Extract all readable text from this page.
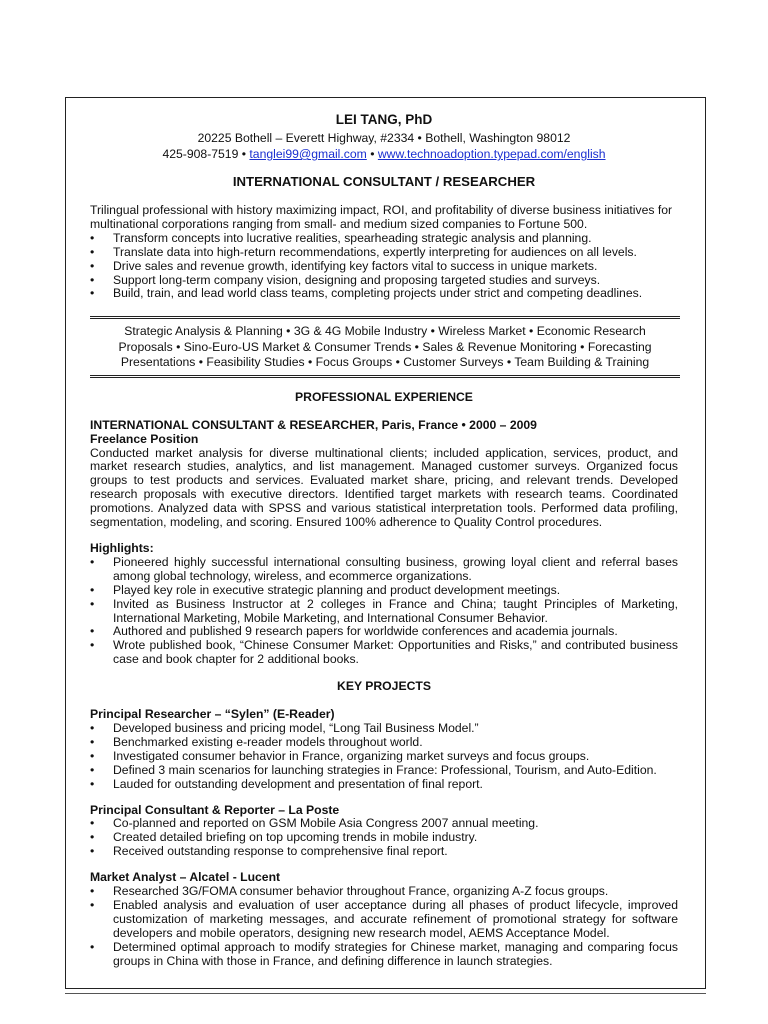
LEI TANG, PhD
20225 Bothell – Everett Highway, #2334 • Bothell, Washington 98012
425-908-7519 • tanglei99@gmail.com • www.technoadoption.typepad.com/english
INTERNATIONAL CONSULTANT / RESEARCHER
Trilingual professional with history maximizing impact, ROI, and profitability of diverse business initiatives for multinational corporations ranging from small- and medium sized companies to Fortune 500.
• Transform concepts into lucrative realities, spearheading strategic analysis and planning.
• Translate data into high-return recommendations, expertly interpreting for audiences on all levels.
• Drive sales and revenue growth, identifying key factors vital to success in unique markets.
• Support long-term company vision, designing and proposing targeted studies and surveys.
• Build, train, and lead world class teams, completing projects under strict and competing deadlines.
Strategic Analysis & Planning • 3G & 4G Mobile Industry • Wireless Market • Economic Research
Proposals • Sino-Euro-US Market & Consumer Trends • Sales & Revenue Monitoring • Forecasting
Presentations • Feasibility Studies • Focus Groups • Customer Surveys • Team Building & Training
PROFESSIONAL EXPERIENCE
INTERNATIONAL CONSULTANT & RESEARCHER, Paris, France • 2000 – 2009
Freelance Position
Conducted market analysis for diverse multinational clients; included application, services, product, and market research studies, analytics, and list management. Managed customer surveys. Organized focus groups to test products and services. Evaluated market share, pricing, and relevant trends. Developed research proposals with executive directors. Identified target markets with research teams. Coordinated promotions. Analyzed data with SPSS and various statistical interpretation tools. Performed data profiling, segmentation, modeling, and scoring. Ensured 100% adherence to Quality Control procedures.
Highlights:
• Pioneered highly successful international consulting business, growing loyal client and referral bases among global technology, wireless, and ecommerce organizations.
• Played key role in executive strategic planning and product development meetings.
• Invited as Business Instructor at 2 colleges in France and China; taught Principles of Marketing, International Marketing, Mobile Marketing, and International Consumer Behavior.
• Authored and published 9 research papers for worldwide conferences and academia journals.
• Wrote published book, “Chinese Consumer Market: Opportunities and Risks,” and contributed business case and book chapter for 2 additional books.
KEY PROJECTS
Principal Researcher – “Sylen” (E-Reader)
• Developed business and pricing model, “Long Tail Business Model.”
• Benchmarked existing e-reader models throughout world.
• Investigated consumer behavior in France, organizing market surveys and focus groups.
• Defined 3 main scenarios for launching strategies in France: Professional, Tourism, and Auto-Edition.
• Lauded for outstanding development and presentation of final report.
Principal Consultant & Reporter – La Poste
• Co-planned and reported on GSM Mobile Asia Congress 2007 annual meeting.
• Created detailed briefing on top upcoming trends in mobile industry.
• Received outstanding response to comprehensive final report.
Market Analyst – Alcatel - Lucent
• Researched 3G/FOMA consumer behavior throughout France, organizing A-Z focus groups.
• Enabled analysis and evaluation of user acceptance during all phases of product lifecycle, improved customization of marketing messages, and accurate refinement of promotional strategy for software developers and mobile operators, designing new research model, AEMS Acceptance Model.
• Determined optimal approach to modify strategies for Chinese market, managing and comparing focus groups in China with those in France, and defining difference in launch strategies.
